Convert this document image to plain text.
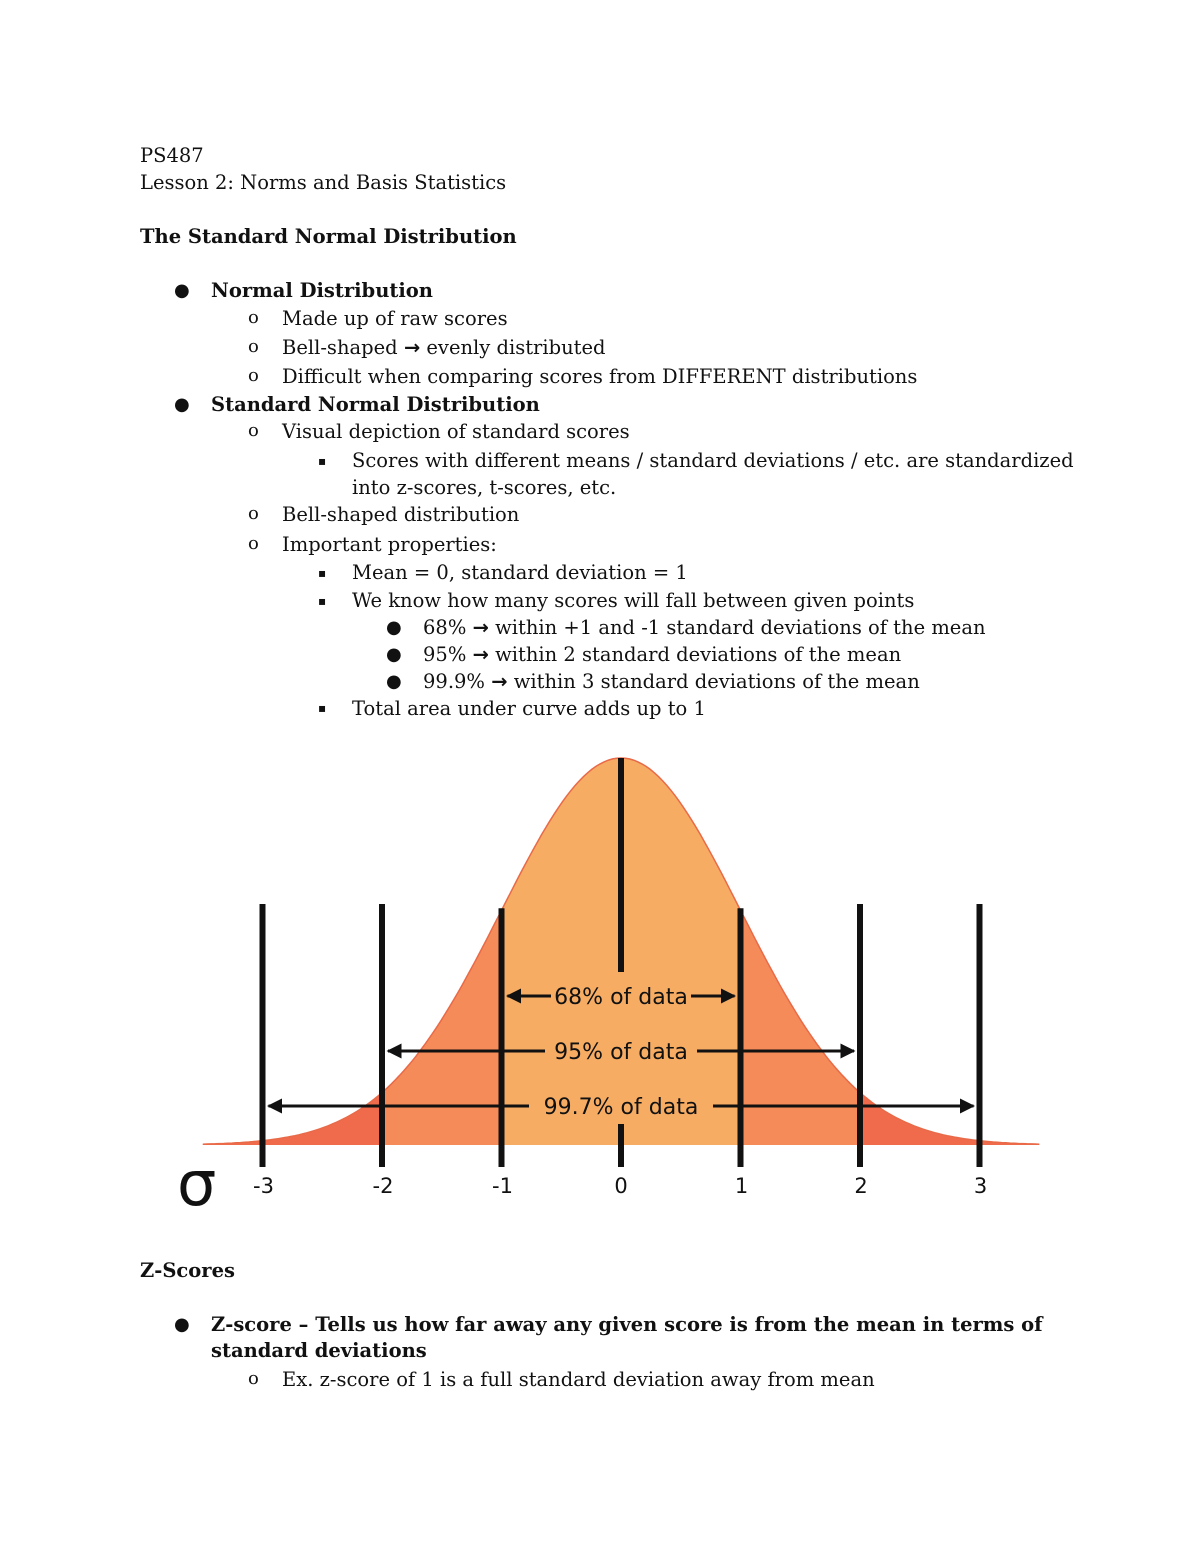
PS487
Lesson 2: Norms and Basis Statistics
The Standard Normal Distribution
● Normal Distribution
o Made up of raw scores
o Bell-shaped → evenly distributed
o Difficult when comparing scores from DIFFERENT distributions
● Standard Normal Distribution
o Visual depiction of standard scores
▪ Scores with different means / standard deviations / etc. are standardized
into z-scores, t-scores, etc.
o Bell-shaped distribution
o Important properties:
▪ Mean = 0, standard deviation = 1
▪ We know how many scores will fall between given points
● 68% → within +1 and -1 standard deviations of the mean
● 95% → within 2 standard deviations of the mean
● 99.9% → within 3 standard deviations of the mean
▪ Total area under curve adds up to 1
68% of data
95% of data
99.7% of data
-3	-2	-1	0	1	2	3
σ
Z-Scores
● Z-score – Tells us how far away any given score is from the mean in terms of
standard deviations
o Ex. z-score of 1 is a full standard deviation away from mean
